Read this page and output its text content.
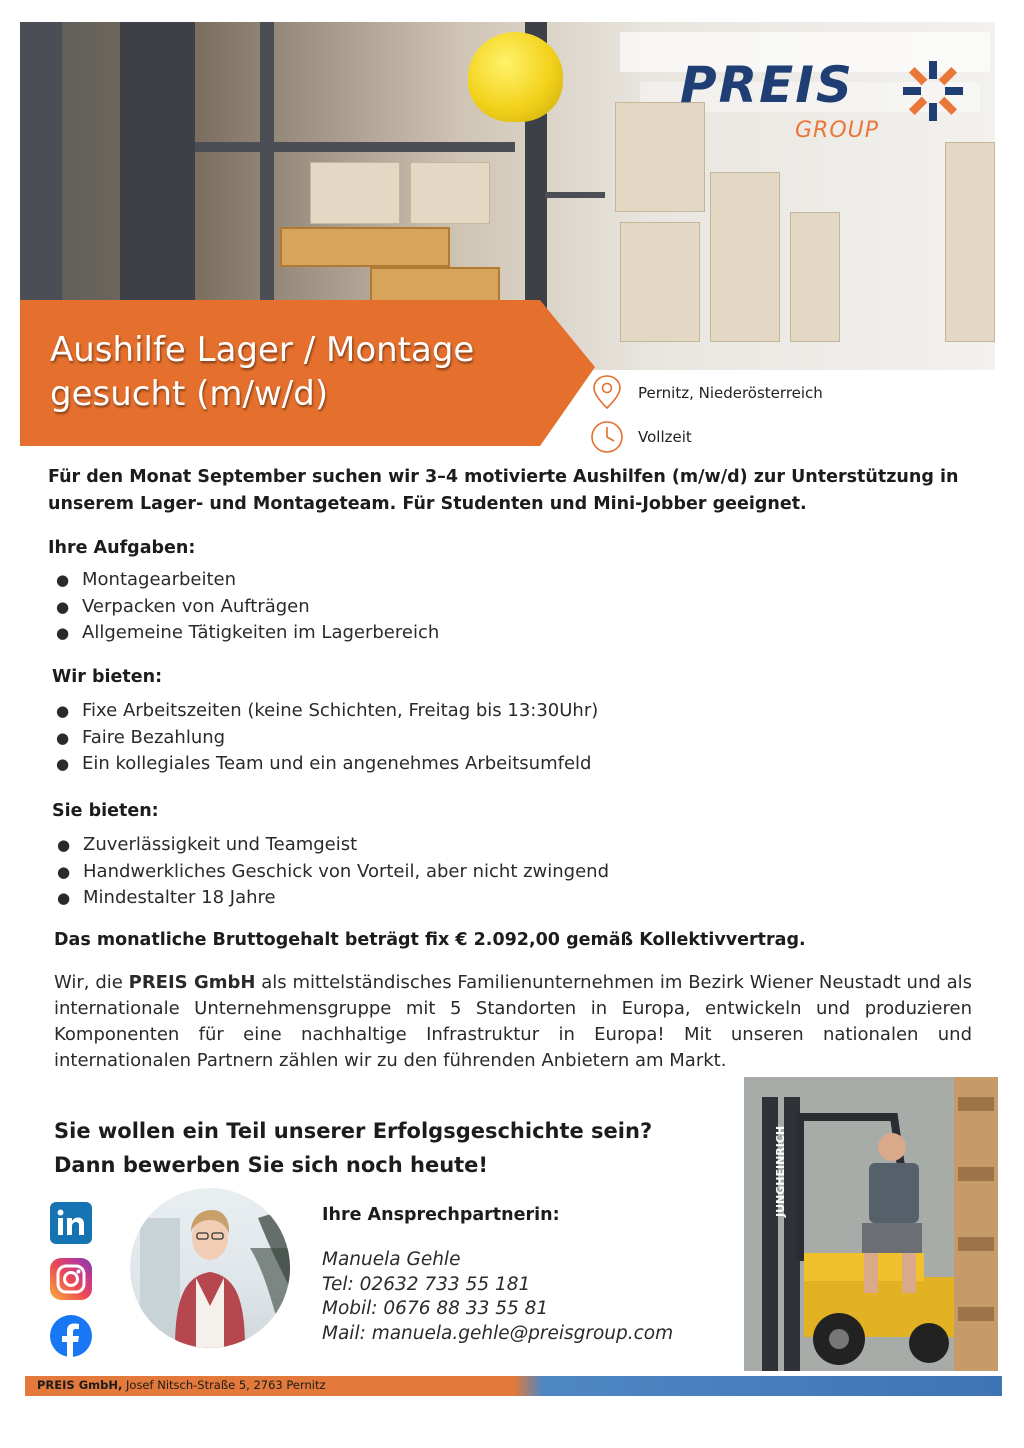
PREIS
GROUP
Aushilfe Lager / Montage
gesucht (m/w/d)	Pernitz, Niederösterreich
Vollzeit
Für den Monat September suchen wir 3–4 motivierte Aushilfen (m/w/d) zur Unterstützung in unserem Lager- und Montageteam. Für Studenten und Mini-Jobber geeignet.
Ihre Aufgaben:
● Montagearbeiten
● Verpacken von Aufträgen
● Allgemeine Tätigkeiten im Lagerbereich
Wir bieten:
● Fixe Arbeitszeiten (keine Schichten, Freitag bis 13:30Uhr)
● Faire Bezahlung
● Ein kollegiales Team und ein angenehmes Arbeitsumfeld
Sie bieten:
● Zuverlässigkeit und Teamgeist
● Handwerkliches Geschick von Vorteil, aber nicht zwingend
● Mindestalter 18 Jahre
Das monatliche Bruttogehalt beträgt fix € 2.092,00 gemäß Kollektivvertrag.
Wir, die PREIS GmbH als mittelständisches Familienunternehmen im Bezirk Wiener Neustadt und als internationale Unternehmensgruppe mit 5 Standorten in Europa, entwickeln und produzieren Komponenten für eine nachhaltige Infrastruktur in Europa! Mit unseren nationalen und internationalen Partnern zählen wir zu den führenden Anbietern am Markt.
Sie wollen ein Teil unserer Erfolgsgeschichte sein?
Dann bewerben Sie sich noch heute!
Ihre Ansprechpartnerin:
Manuela Gehle
Tel: 02632 733 55 181
Mobil: 0676 88 33 55 81
Mail: manuela.gehle@preisgroup.com
JUNGHEINRICH
PREIS GmbH, Josef Nitsch-Straße 5, 2763 Pernitz
